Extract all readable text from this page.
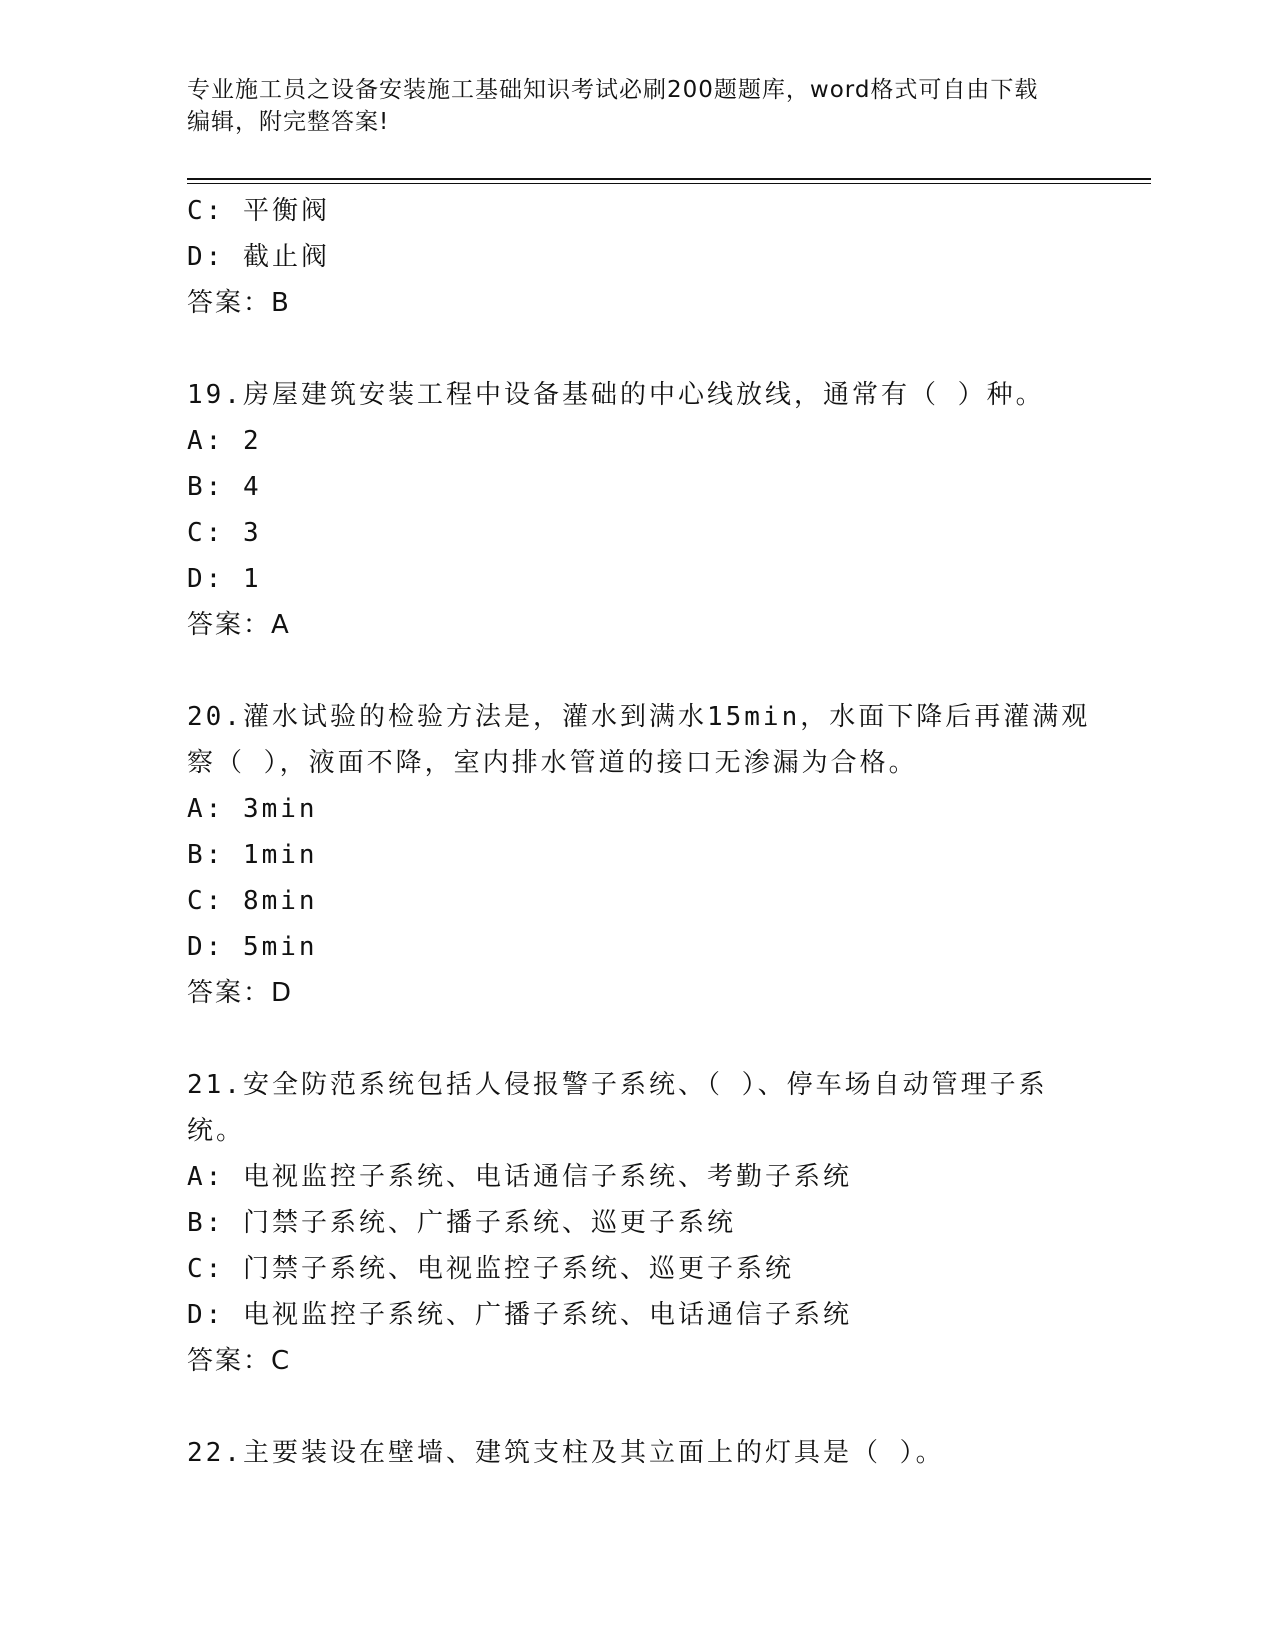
专业施工员之设备安装施工基础知识考试必刷200题题库，word格式可自由下载
编辑，附完整答案!
C: 平衡阀
D: 截止阀
答案：B
19.房屋建筑安装工程中设备基础的中心线放线，通常有（ ）种。
A: 2
B: 4
C: 3
D: 1
答案：A
20.灌水试验的检验方法是，灌水到满水15min，水面下降后再灌满观
察（ ），液面不降，室内排水管道的接口无渗漏为合格。
A: 3min
B: 1min
C: 8min
D: 5min
答案：D
21.安全防范系统包括人侵报警子系统、（ ）、停车场自动管理子系
统。
A: 电视监控子系统、电话通信子系统、考勤子系统
B: 门禁子系统、广播子系统、巡更子系统
C: 门禁子系统、电视监控子系统、巡更子系统
D: 电视监控子系统、广播子系统、电话通信子系统
答案：C
22.主要装设在壁墙、建筑支柱及其立面上的灯具是（ ）。
